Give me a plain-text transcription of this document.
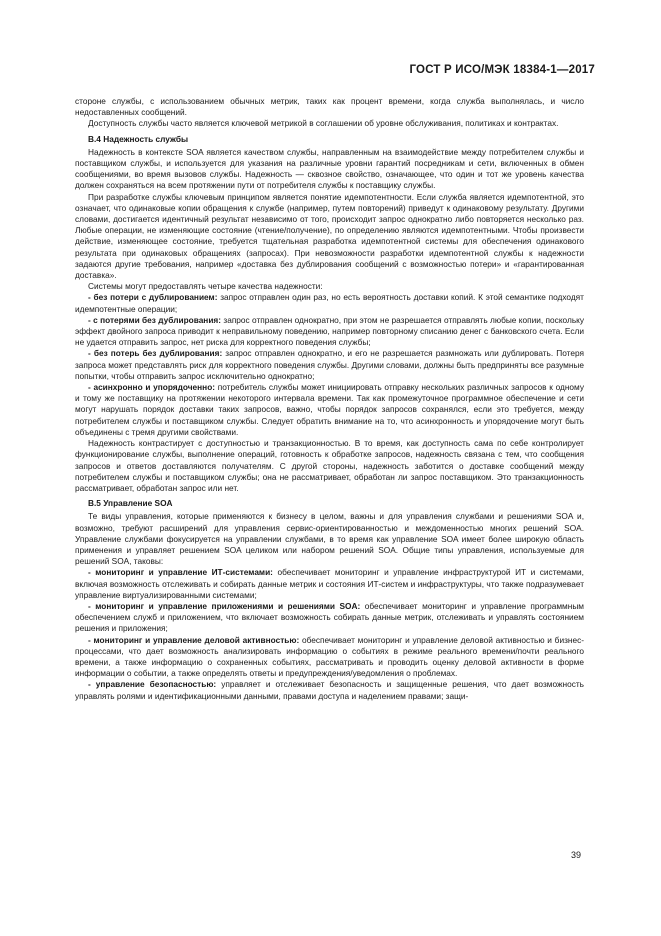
ГОСТ Р ИСО/МЭК 18384-1—2017

стороне службы, с использованием обычных метрик, таких как процент времени, когда служба выполнялась, и число недоставленных сообщений.

Доступность службы часто является ключевой метрикой в соглашении об уровне обслуживания, политиках и контрактах.

В.4 Надежность службы

Надежность в контексте SOA является качеством службы, направленным на взаимодействие между потребителем службы и поставщиком службы, и используется для указания на различные уровни гарантий посредникам и сети, включенных в обмен сообщениями, во время вызовов службы. Надежность — сквозное свойство, означающее, что один и тот же уровень качества должен сохраняться на всем протяжении пути от потребителя службы к поставщику службы.

При разработке службы ключевым принципом является понятие идемпотентности. Если служба является идемпотентной, это означает, что одинаковые копии обращения к службе (например, путем повторений) приведут к одинаковому результату. Другими словами, достигается идентичный результат независимо от того, происходит запрос однократно либо повторяется несколько раз. Любые операции, не изменяющие состояние (чтение/получение), по определению являются идемпотентными. Чтобы произвести действие, изменяющее состояние, требуется тщательная разработка идемпотентной системы для обеспечения одинакового результата при одинаковых обращениях (запросах). При невозможности разработки идемпотентной службы к надежности задаются другие требования, например «доставка без дублирования сообщений с возможностью потери» и «гарантированная доставка».

Системы могут предоставлять четыре качества надежности:

- без потери с дублированием: запрос отправлен один раз, но есть вероятность доставки копий. К этой семантике подходят идемпотентные операции;

- с потерями без дублирования: запрос отправлен однократно, при этом не разрешается отправлять любые копии, поскольку эффект двойного запроса приводит к неправильному поведению, например повторному списанию денег с банковского счета. Если не удается отправить запрос, нет риска для корректного поведения службы;

- без потерь без дублирования: запрос отправлен однократно, и его не разрешается размножать или дублировать. Потеря запроса может представлять риск для корректного поведения службы. Другими словами, должны быть предприняты все разумные попытки, чтобы отправить запрос исключительно однократно;

- асинхронно и упорядоченно: потребитель службы может инициировать отправку нескольких различных запросов к одному и тому же поставщику на протяжении некоторого интервала времени. Так как промежуточное программное обеспечение и сети могут нарушать порядок доставки таких запросов, важно, чтобы порядок запросов сохранялся, если это требуется, между потребителем службы и поставщиком службы. Следует обратить внимание на то, что асинхронность и упорядочение могут быть объединены с тремя другими свойствами.

Надежность контрастирует с доступностью и транзакционностью. В то время, как доступность сама по себе контролирует функционирование службы, выполнение операций, готовность к обработке запросов, надежность связана с тем, что сообщения запросов и ответов доставляются получателям. С другой стороны, надежность заботится о доставке сообщений между потребителем службы и поставщиком службы; она не рассматривает, обработан ли запрос поставщиком. Это транзакционность рассматривает, обработан запрос или нет.

В.5 Управление SOA

Те виды управления, которые применяются к бизнесу в целом, важны и для управления службами и решениями SOA и, возможно, требуют расширений для управления сервис-ориентированностью и междоменностью многих решений SOA. Управление службами фокусируется на управлении службами, в то время как управление SOA имеет более широкую область применения и управляет решением SOA целиком или набором решений SOA. Общие типы управления, используемые для решений SOA, таковы:

- мониторинг и управление ИТ-системами: обеспечивает мониторинг и управление инфраструктурой ИТ и системами, включая возможность отслеживать и собирать данные метрик и состояния ИТ-систем и инфраструктуры, что также подразумевает управление виртуализированными системами;

- мониторинг и управление приложениями и решениями SOA: обеспечивает мониторинг и управление программным обеспечением служб и приложением, что включает возможность собирать данные метрик, отслеживать и управлять состоянием решения и приложения;

- мониторинг и управление деловой активностью: обеспечивает мониторинг и управление деловой активностью и бизнес-процессами, что дает возможность анализировать информацию о событиях в режиме реального времени/почти реального времени, а также информацию о сохраненных событиях, рассматривать и проводить оценку деловой активности в форме информации о событии, а также определять ответы и предупреждения/уведомления о проблемах.

- управление безопасностью: управляет и отслеживает безопасность и защищенные решения, что дает возможность управлять ролями и идентификационными данными, правами доступа и наделением правами; защи-

39
